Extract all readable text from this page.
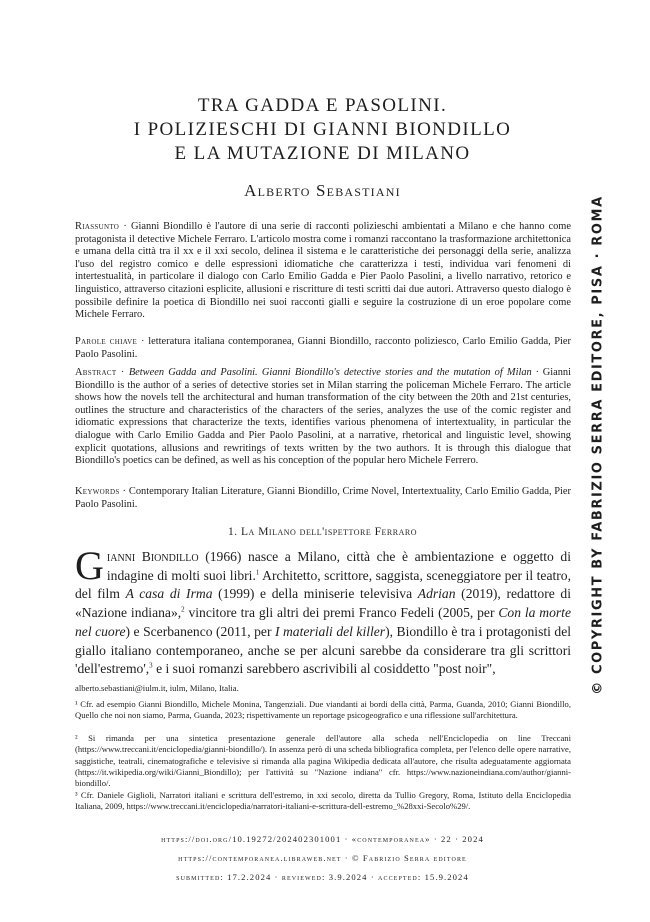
TRA GADDA E PASOLINI.
I POLIZIESCHI DI GIANNI BIONDILLO
E LA MUTAZIONE DI MILANO
Alberto Sebastiani
Riassunto · Gianni Biondillo è l'autore di una serie di racconti polizieschi ambientati a Milano e che hanno come protagonista il detective Michele Ferraro. L'articolo mostra come i romanzi raccontano la trasformazione architettonica e umana della città tra il xx e il xxi secolo, delinea il sistema e le caratteristiche dei personaggi della serie, analizza l'uso del registro comico e delle espressioni idiomatiche che caratterizza i testi, individua vari fenomeni di intertestualità, in particolare il dialogo con Carlo Emilio Gadda e Pier Paolo Pasolini, a livello narrativo, retorico e linguistico, attraverso citazioni esplicite, allusioni e riscritture di testi scritti dai due autori. Attraverso questo dialogo è possibile definire la poetica di Biondillo nei suoi racconti gialli e seguire la costruzione di un eroe popolare come Michele Ferraro.
Parole chiave · letteratura italiana contemporanea, Gianni Biondillo, racconto poliziesco, Carlo Emilio Gadda, Pier Paolo Pasolini.
Abstract · Between Gadda and Pasolini. Gianni Biondillo's detective stories and the mutation of Milan · Gianni Biondillo is the author of a series of detective stories set in Milan starring the policeman Michele Ferraro. The article shows how the novels tell the architectural and human transformation of the city between the 20th and 21st centuries, outlines the structure and characteristics of the characters of the series, analyzes the use of the comic register and idiomatic expressions that characterize the texts, identifies various phenomena of intertextuality, in particular the dialogue with Carlo Emilio Gadda and Pier Paolo Pasolini, at a narrative, rhetorical and linguistic level, showing explicit quotations, allusions and rewritings of texts written by the two authors. It is through this dialogue that Biondillo's poetics can be defined, as well as his conception of the popular hero Michele Ferrero.
Keywords · Contemporary Italian Literature, Gianni Biondillo, Crime Novel, Intertextuality, Carlo Emilio Gadda, Pier Paolo Pasolini.
1. La Milano dell'ispettore Ferraro
Gianni Biondillo (1966) nasce a Milano, città che è ambientazione e oggetto di indagine di molti suoi libri.$^1$ Architetto, scrittore, saggista, sceneggiatore per il teatro, del film A casa di Irma (1999) e della miniserie televisiva Adrian (2019), redattore di «Nazione indiana»,$^2$ vincitore tra gli altri dei premi Franco Fedeli (2005, per Con la morte nel cuore) e Scerbanenco (2011, per I materiali del killer), Biondillo è tra i protagonisti del giallo italiano contemporaneo, anche se per alcuni sarebbe da considerare tra gli scrittori 'dell'estremo',$^3$ e i suoi romanzi sarebbero ascrivibili al cosiddetto "post noir",
alberto.sebastiani@iulm.it, iulm, Milano, Italia.
¹ Cfr. ad esempio Gianni Biondillo, Michele Monina, Tangenziali. Due viandanti ai bordi della città, Parma, Guanda, 2010; Gianni Biondillo, Quello che noi non siamo, Parma, Guanda, 2023; rispettivamente un reportage psicogeografico e una riflessione sull'architettura.
² Si rimanda per una sintetica presentazione generale dell'autore alla scheda nell'Enciclopedia on line Treccani (https://www.treccani.it/enciclopedia/gianni-biondillo/). In assenza però di una scheda bibliografica completa, per l'elenco delle opere narrative, saggistiche, teatrali, cinematografiche e televisive si rimanda alla pagina Wikipedia dedicata all'autore, che risulta adeguatamente aggiornata (https://it.wikipedia.org/wiki/Gianni_Biondillo); per l'attività su "Nazione indiana" cfr. https://www.nazioneindiana.com/author/gianni-biondillo/.
³ Cfr. Daniele Giglioli, Narratori italiani e scrittura dell'estremo, in xxi secolo, diretta da Tullio Gregory, Roma, Istituto della Enciclopedia Italiana, 2009, https://www.treccani.it/enciclopedia/narratori-italiani-e-scrittura-dell-estremo_%28xxi-Secolo%29/.
https://doi.org/10.19272/202402301001 · «contemporanea» · 22 · 2024
https://contemporanea.libraweb.net · © Fabrizio Serra editore
submitted: 17.2.2024 · reviewed: 3.9.2024 · accepted: 15.9.2024
© COPYRIGHT BY FABRIZIO SERRA EDITORE, PISA · ROMA
